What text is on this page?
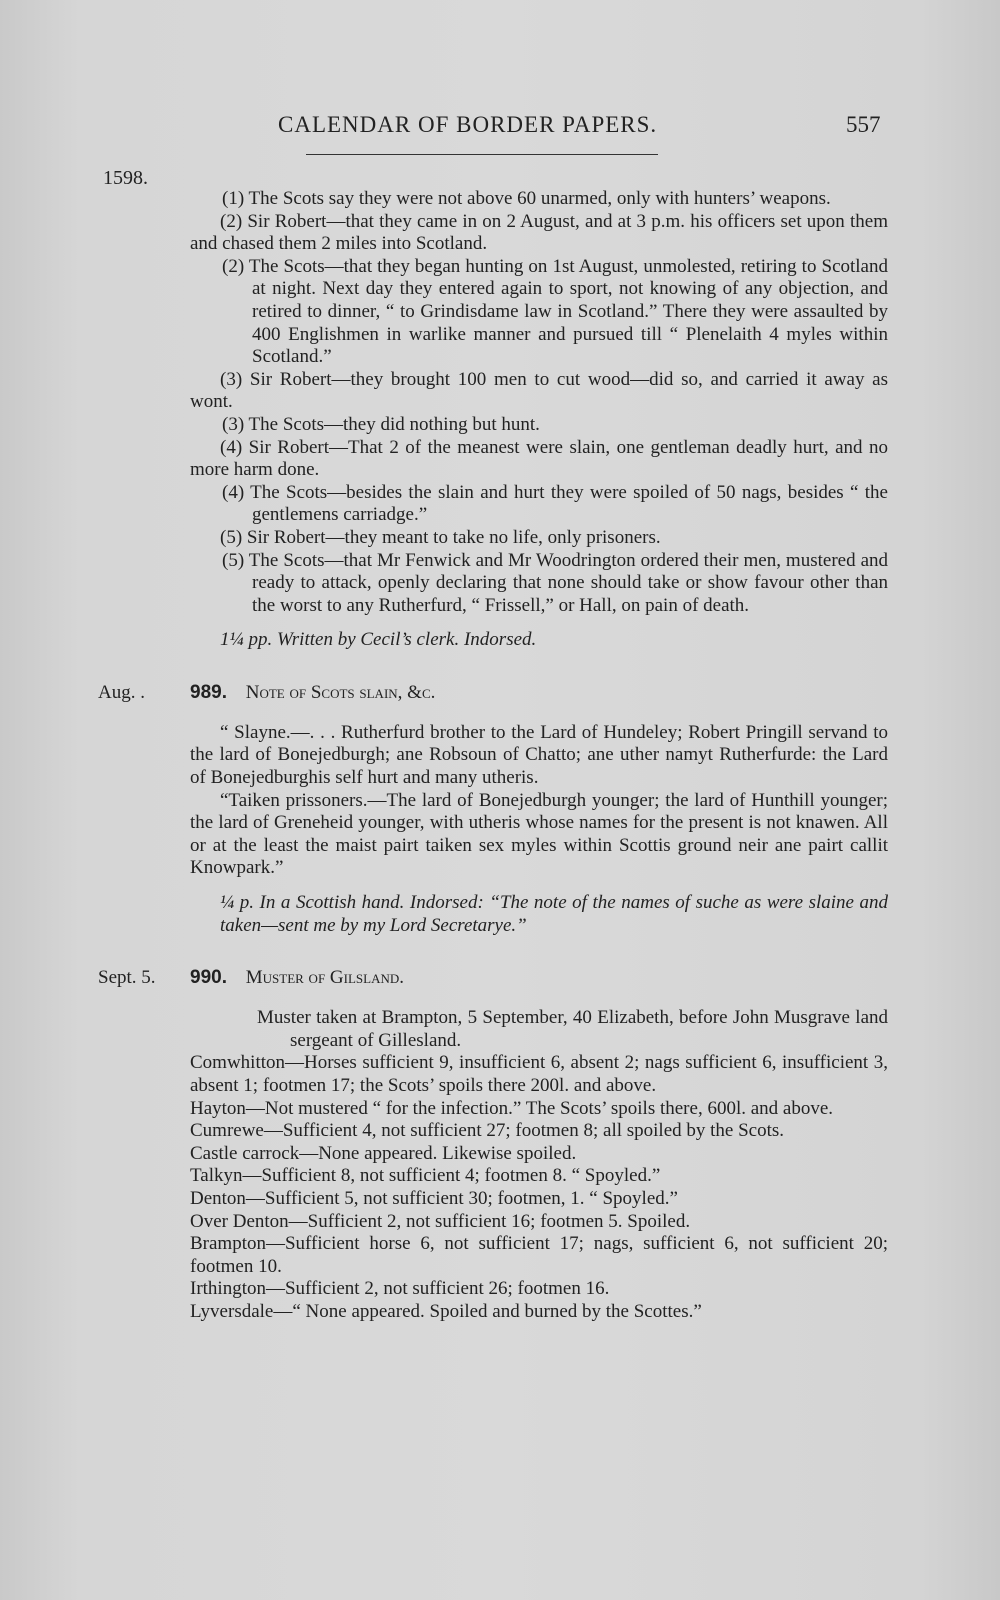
CALENDAR OF BORDER PAPERS.	557
1598.

(1) The Scots say they were not above 60 unarmed, only with hunters’ weapons.

(2) Sir Robert—that they came in on 2 August, and at 3 p.m. his officers set upon them and chased them 2 miles into Scotland.

(2) The Scots—that they began hunting on 1st August, unmolested, retiring to Scotland at night. Next day they entered again to sport, not knowing of any objection, and retired to dinner, “ to Grindisdame law in Scotland.” There they were assaulted by 400 Englishmen in warlike manner and pursued till “ Plenelaith 4 myles within Scotland.”

(3) Sir Robert—they brought 100 men to cut wood—did so, and carried it away as wont.

(3) The Scots—they did nothing but hunt.

(4) Sir Robert—That 2 of the meanest were slain, one gentleman deadly hurt, and no more harm done.

(4) The Scots—besides the slain and hurt they were spoiled of 50 nags, besides “ the gentlemens carriadge.”

(5) Sir Robert—they meant to take no life, only prisoners.

(5) The Scots—that Mr Fenwick and Mr Woodrington ordered their men, mustered and ready to attack, openly declaring that none should take or show favour other than the worst to any Rutherfurd, “ Frissell,” or Hall, on pain of death.

1¼ pp. Written by Cecil’s clerk. Indorsed.

Aug. . 989. Note of Scots slain, &c.

“ Slayne.—. . . Rutherfurd brother to the Lard of Hundeley; Robert Pringill servand to the lard of Bonejedburgh; ane Robsoun of Chatto; ane uther namyt Rutherfurde: the Lard of Bonejedburghis self hurt and many utheris.

“Taiken prissoners.—The lard of Bonejedburgh younger; the lard of Hunthill younger; the lard of Greneheid younger, with utheris whose names for the present is not knawen. All or at the least the maist pairt taiken sex myles within Scottis ground neir ane pairt callit Knowpark.”

¼ p. In a Scottish hand. Indorsed: “The note of the names of suche as were slaine and taken—sent me by my Lord Secretarye.”

Sept. 5. 990. Muster of Gilsland.

Muster taken at Brampton, 5 September, 40 Elizabeth, before John Musgrave land sergeant of Gillesland.

Comwhitton—Horses sufficient 9, insufficient 6, absent 2; nags sufficient 6, insufficient 3, absent 1; footmen 17; the Scots’ spoils there 200l. and above.

Hayton—Not mustered “ for the infection.” The Scots’ spoils there, 600l. and above.

Cumrewe—Sufficient 4, not sufficient 27; footmen 8; all spoiled by the Scots.

Castle carrock—None appeared. Likewise spoiled.

Talkyn—Sufficient 8, not sufficient 4; footmen 8. “ Spoyled.”

Denton—Sufficient 5, not sufficient 30; footmen, 1. “ Spoyled.”

Over Denton—Sufficient 2, not sufficient 16; footmen 5. Spoiled.

Brampton—Sufficient horse 6, not sufficient 17; nags, sufficient 6, not sufficient 20; footmen 10.

Irthington—Sufficient 2, not sufficient 26; footmen 16.

Lyversdale—“ None appeared. Spoiled and burned by the Scottes.”
